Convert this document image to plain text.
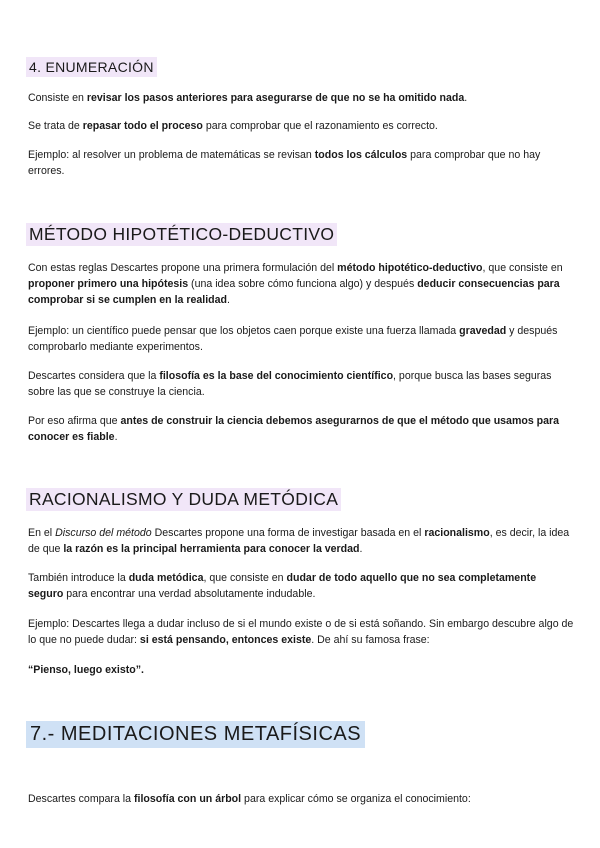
4. ENUMERACIÓN

Consiste en revisar los pasos anteriores para asegurarse de que no se ha omitido nada.

Se trata de repasar todo el proceso para comprobar que el razonamiento es correcto.

Ejemplo: al resolver un problema de matemáticas se revisan todos los cálculos para comprobar que no hay errores.

MÉTODO HIPOTÉTICO-DEDUCTIVO

Con estas reglas Descartes propone una primera formulación del método hipotético-deductivo, que consiste en proponer primero una hipótesis (una idea sobre cómo funciona algo) y después deducir consecuencias para comprobar si se cumplen en la realidad.

Ejemplo: un científico puede pensar que los objetos caen porque existe una fuerza llamada gravedad y después comprobarlo mediante experimentos.

Descartes considera que la filosofía es la base del conocimiento científico, porque busca las bases seguras sobre las que se construye la ciencia.

Por eso afirma que antes de construir la ciencia debemos asegurarnos de que el método que usamos para conocer es fiable.

RACIONALISMO Y DUDA METÓDICA

En el Discurso del método Descartes propone una forma de investigar basada en el racionalismo, es decir, la idea de que la razón es la principal herramienta para conocer la verdad.

También introduce la duda metódica, que consiste en dudar de todo aquello que no sea completamente seguro para encontrar una verdad absolutamente indudable.

Ejemplo: Descartes llega a dudar incluso de si el mundo existe o de si está soñando. Sin embargo descubre algo de lo que no puede dudar: si está pensando, entonces existe. De ahí su famosa frase:

“Pienso, luego existo”.

7.- MEDITACIONES METAFÍSICAS

Descartes compara la filosofía con un árbol para explicar cómo se organiza el conocimiento:
